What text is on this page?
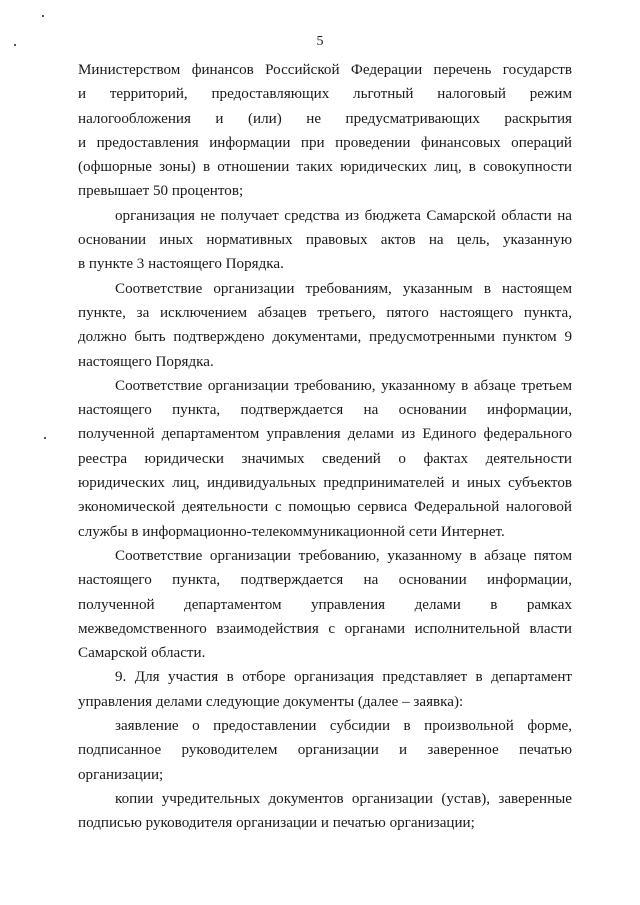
5

Министерством финансов Российской Федерации перечень государств
и территорий, предоставляющих льготный налоговый режим
налогообложения и (или) не предусматривающих раскрытия
и предоставления информации при проведении финансовых операций
(офшорные зоны) в отношении таких юридических лиц, в совокупности
превышает 50 процентов;

организация не получает средства из бюджета Самарской области на
основании иных нормативных правовых актов на цель, указанную
в пункте 3 настоящего Порядка.

Соответствие организации требованиям, указанным в настоящем
пункте, за исключением абзацев третьего, пятого настоящего пункта,
должно быть подтверждено документами, предусмотренными пунктом 9
настоящего Порядка.

Соответствие организации требованию, указанному в абзаце третьем
настоящего пункта, подтверждается на основании информации,
полученной департаментом управления делами из Единого федерального
реестра юридически значимых сведений о фактах деятельности
юридических лиц, индивидуальных предпринимателей и иных субъектов
экономической деятельности с помощью сервиса Федеральной налоговой
службы в информационно-телекоммуникационной сети Интернет.

Соответствие организации требованию, указанному в абзаце пятом
настоящего пункта, подтверждается на основании информации,
полученной департаментом управления делами в рамках
межведомственного взаимодействия с органами исполнительной власти
Самарской области.

9. Для участия в отборе организация представляет в департамент
управления делами следующие документы (далее – заявка):

заявление о предоставлении субсидии в произвольной форме,
подписанное руководителем организации и заверенное печатью
организации;

копии учредительных документов организации (устав), заверенные
подписью руководителя организации и печатью организации;
